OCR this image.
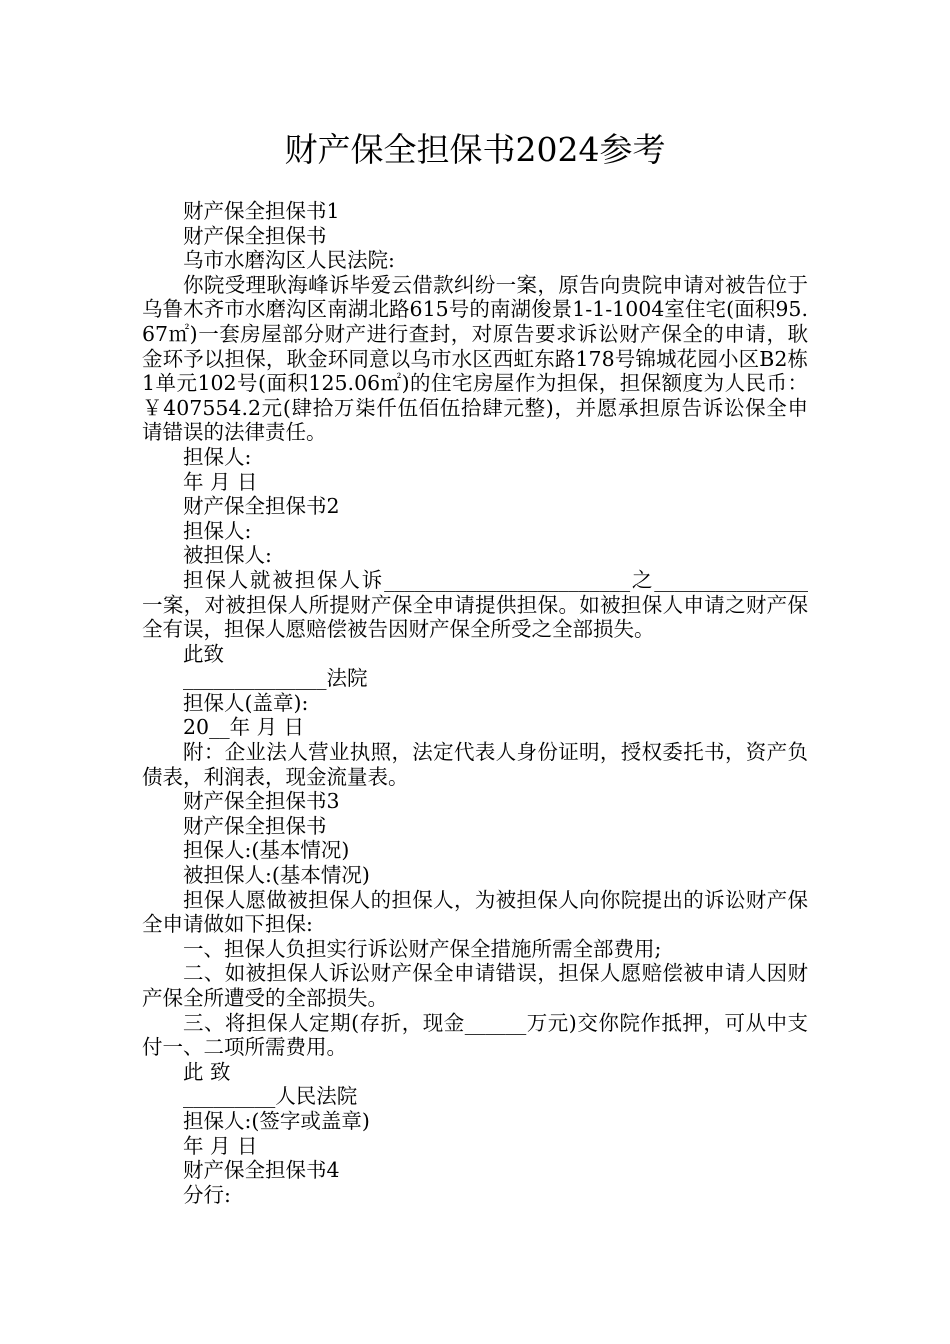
财产保全担保书2024参考

财产保全担保书1

财产保全担保书

乌市水磨沟区人民法院:

你院受理耿海峰诉毕爱云借款纠纷一案，原告向贵院申请对被告位于乌鲁木齐市水磨沟区南湖北路615号的南湖俊景1-1-1004室住宅(面积95.67㎡)一套房屋部分财产进行查封，对原告要求诉讼财产保全的申请，耿金环予以担保，耿金环同意以乌市水区西虹东路178号锦城花园小区B2栋1单元102号(面积125.06㎡)的住宅房屋作为担保，担保额度为人民币：￥407554.2元(肆拾万柒仟伍佰伍拾肆元整)，并愿承担原告诉讼保全申请错误的法律责任。

担保人:

年 月 日

财产保全担保书2

担保人:

被担保人:

担保人就被担保人诉________________________之_______________一案，对被担保人所提财产保全申请提供担保。如被担保人申请之财产保全有误，担保人愿赔偿被告因财产保全所受之全部损失。

此致

______________法院

担保人(盖章):

20__年 月 日

附：企业法人营业执照，法定代表人身份证明，授权委托书，资产负债表，利润表，现金流量表。

财产保全担保书3

财产保全担保书

担保人:(基本情况)

被担保人:(基本情况)

担保人愿做被担保人的担保人，为被担保人向你院提出的诉讼财产保全申请做如下担保:

一、担保人负担实行诉讼财产保全措施所需全部费用;

二、如被担保人诉讼财产保全申请错误，担保人愿赔偿被申请人因财产保全所遭受的全部损失。

三、将担保人定期(存折，现金______万元)交你院作抵押，可从中支付一、二项所需费用。

此 致

_________人民法院

担保人:(签字或盖章)

年 月 日

财产保全担保书4

分行:
